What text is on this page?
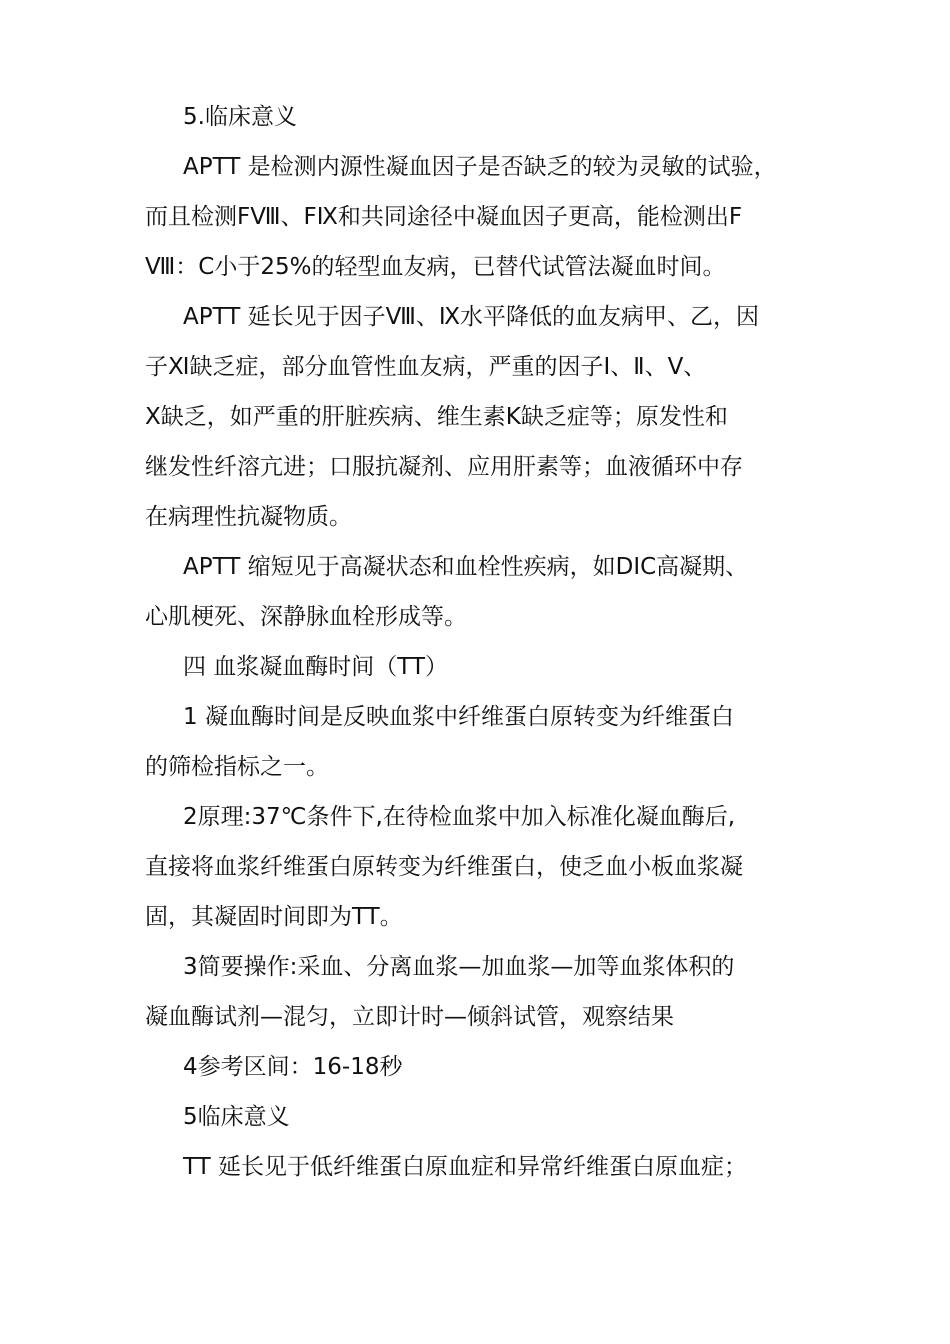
5.临床意义
APTT 是检测内源性凝血因子是否缺乏的较为灵敏的试验，
而且检测FⅧ、FⅨ和共同途径中凝血因子更高，能检测出F
Ⅷ：C小于25%的轻型血友病，已替代试管法凝血时间。
APTT 延长见于因子Ⅷ、Ⅸ水平降低的血友病甲、乙，因
子Ⅺ缺乏症，部分血管性血友病，严重的因子Ⅰ、Ⅱ、Ⅴ、
Ⅹ缺乏，如严重的肝脏疾病、维生素K缺乏症等；原发性和
继发性纤溶亢进；口服抗凝剂、应用肝素等；血液循环中存
在病理性抗凝物质。
APTT 缩短见于高凝状态和血栓性疾病，如DIC高凝期、
心肌梗死、深静脉血栓形成等。
四 血浆凝血酶时间（TT）
1 凝血酶时间是反映血浆中纤维蛋白原转变为纤维蛋白
的筛检指标之一。
2原理:37℃条件下,在待检血浆中加入标准化凝血酶后,
直接将血浆纤维蛋白原转变为纤维蛋白，使乏血小板血浆凝
固，其凝固时间即为TT。
3简要操作:采血、分离血浆—加血浆—加等血浆体积的
凝血酶试剂—混匀，立即计时—倾斜试管，观察结果
4参考区间：16-18秒
5临床意义
TT 延长见于低纤维蛋白原血症和异常纤维蛋白原血症；
